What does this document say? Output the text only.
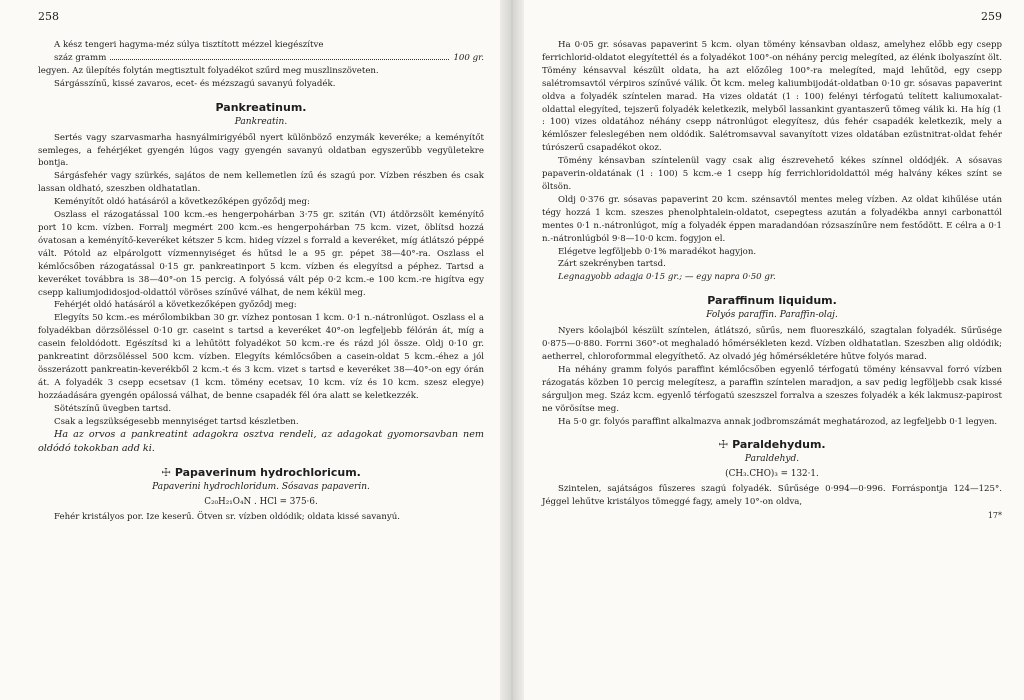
258

A kész tengeri hagyma-méz súlya tisztított mézzel kiegészítve

száz gramm	100 gr.

legyen. Az ülepítés folytán megtisztult folyadékot szűrd meg muszlinszöveten.

Sárgásszínű, kissé zavaros, ecet- és mézszagú savanyú folyadék.

Pankreatinum.
Pankreatin.

Sertés vagy szarvasmarha hasnyálmirigyéből nyert különböző enzymák keveréke; a keményítőt semleges, a fehérjéket gyengén lúgos vagy gyengén savanyú oldatban egyszerűbb vegyületekre bontja.

Sárgásfehér vagy szürkés, sajátos de nem kellemetlen ízű és szagú por. Vízben részben és csak lassan oldható, szeszben oldhatatlan.

Keményítőt oldó hatásáról a következőképen győződj meg:

Oszlass el rázogatással 100 kcm.-es hengerpohárban 3·75 gr. szitán (VI) átdörzsölt keményítő port 10 kcm. vízben. Forralj megmért 200 kcm.-es hengerpohárban 75 kcm. vizet, öblítsd hozzá óvatosan a keményítő-keveréket kétszer 5 kcm. hideg vízzel s forrald a keveréket, míg átlátszó péppé vált. Pótold az elpárolgott vízmennyiséget és hűtsd le a 95 gr. pépet 38—40°-ra. Oszlass el kémlőcsőben rázogatással 0·15 gr. pankreatinport 5 kcm. vízben és elegyítsd a péphez. Tartsd a keveréket továbbra is 38—40°-on 15 percig. A folyóssá vált pép 0·2 kcm.-e 100 kcm.-re higítva egy csepp kaliumjodidosjod-oldattól vöröses színűvé válhat, de nem kékül meg.

Fehérjét oldó hatásáról a következőképen győződj meg:

Elegyíts 50 kcm.-es mérőlombikban 30 gr. vízhez pontosan 1 kcm. 0·1 n.-nátronlúgot. Oszlass el a folyadékban dörzsöléssel 0·10 gr. caseint s tartsd a keveréket 40°-on legfeljebb félórán át, míg a casein feloldódott. Egészítsd ki a lehűtött folyadékot 50 kcm.-re és rázd jól össze. Oldj 0·10 gr. pankreatint dörzsöléssel 500 kcm. vízben. Elegyíts kémlőcsőben a casein-oldat 5 kcm.-éhez a jól összerázott pankreatin-keverékből 2 kcm.-t és 3 kcm. vizet s tartsd e keveréket 38—40°-on egy órán át. A folyadék 3 csepp ecsetsav (1 kcm. tömény ecetsav, 10 kcm. víz és 10 kcm. szesz elegye) hozzáadására gyengén opálossá válhat, de benne csapadék fél óra alatt se keletkezzék.

Sötétszínű üvegben tartsd.

Csak a legszükségesebb mennyiséget tartsd készletben.

Ha az orvos a pankreatint adagokra osztva rendeli, az adagokat gyomorsavban nem oldódó tokokban add ki.

☩ Papaverinum hydrochloricum.
Papaverini hydrochloridum. Sósavas papaverin.
C₂₀H₂₁O₄N . HCl = 375·6.

Fehér kristályos por. Ize keserű. Ötven sr. vízben oldódik; oldata kissé savanyú.

259

Ha 0·05 gr. sósavas papaverint 5 kcm. olyan tömény kénsavban oldasz, amelyhez előbb egy csepp ferrichlorid-oldatot elegyítettél és a folyadékot 100°-on néhány percig melegíted, az élénk ibolyaszínt ölt. Tömény kénsavval készült oldata, ha azt előzőleg 100°-ra melegíted, majd lehűtöd, egy csepp salétromsavtól vérpiros színűvé válik. Öt kcm. meleg kaliumbijodát-oldatban 0·10 gr. sósavas papaverint oldva a folyadék színtelen marad. Ha vizes oldatát (1 : 100) felényi térfogatú telített kaliumoxalat-oldattal elegyíted, tejszerű folyadék keletkezik, melyből lassankint gyantaszerű tömeg válik ki. Ha híg (1 : 100) vizes oldatához néhány csepp nátronlúgot elegyítesz, dús fehér csapadék keletkezik, mely a kémlőszer feleslegében nem oldódik. Salétromsavval savanyított vizes oldatában ezüstnitrat-oldat fehér túrószerű csapadékot okoz.

Tömény kénsavban színtelenül vagy csak alig észrevehető kékes színnel oldódjék. A sósavas papaverin-oldatának (1 : 100) 5 kcm.-e 1 csepp híg ferrichloridoldattól még halvány kékes színt se öltsön.

Oldj 0·376 gr. sósavas papaverint 20 kcm. szénsavtól mentes meleg vízben. Az oldat kihűlése után tégy hozzá 1 kcm. szeszes phenolphtalein-oldatot, csepegtess azután a folyadékba annyi carbonattól mentes 0·1 n.-nátronlúgot, míg a folyadék éppen maradandóan rózsaszínűre nem festődött. E célra a 0·1 n.-nátronlúgból 9·8—10·0 kcm. fogyjon el.

Elégetve legföljebb 0·1% maradékot hagyjon.

Zárt szekrényben tartsd.

Legnagyobb adagja 0·15 gr.; — egy napra 0·50 gr.

Paraffinum liquidum.
Folyós paraffin. Paraffin-olaj.

Nyers kőolajból készült színtelen, átlátszó, sűrűs, nem fluoreszkáló, szagtalan folyadék. Sűrűsége 0·875—0·880. Forrni 360°-ot meghaladó hőmérsékleten kezd. Vízben oldhatatlan. Szeszben alig oldódik; aetherrel, chloroformmal elegyíthető. Az olvadó jég hőmérsékletére hűtve folyós marad.

Ha néhány gramm folyós paraffint kémlőcsőben egyenlő térfogatú tömény kénsavval forró vízben rázogatás közben 10 percig melegítesz, a paraffin színtelen maradjon, a sav pedig legföljebb csak kissé sárguljon meg. Száz kcm. egyenlő térfogatú szeszszel forralva a szeszes folyadék a kék lakmusz-papirost ne vörösítse meg.

Ha 5·0 gr. folyós paraffint alkalmazva annak jodbromszámát meghatározod, az legfeljebb 0·1 legyen.

☩ Paraldehydum.
Paraldehyd.
(CH₃.CHO)₃ = 132·1.

Szintelen, sajátságos fűszeres szagú folyadék. Sűrűsége 0·994—0·996. Forráspontja 124—125°. Jéggel lehűtve kristályos tömeggé fagy, amely 10°-on oldva,

17*
